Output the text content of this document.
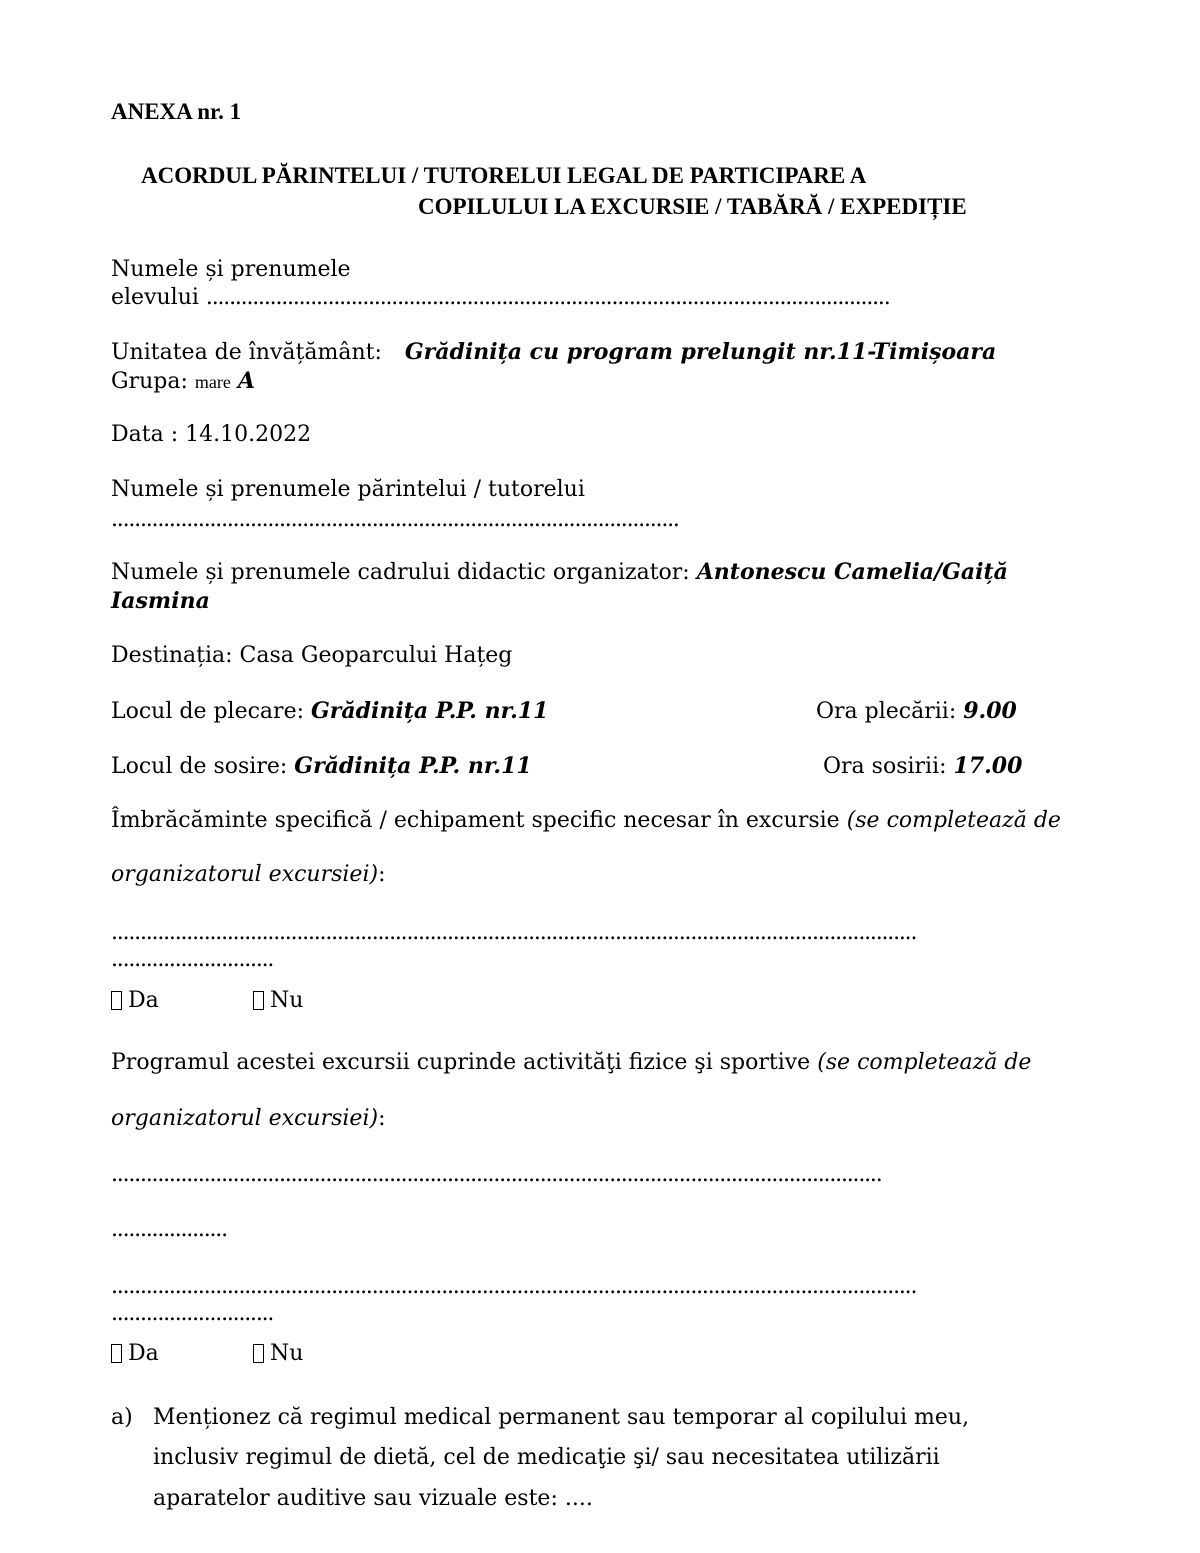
ANEXA nr. 1
ACORDUL PĂRINTELUI / TUTORELUI LEGAL DE PARTICIPARE A
COPILULUI LA EXCURSIE / TABĂRĂ / EXPEDIȚIE
Numele și prenumele
elevului ......................................................................................................................
Unitatea de învățământ: Grădinița cu program prelungit nr.11-Timișoara
Grupa: mare A
Data : 14.10.2022
Numele și prenumele părintelui / tutorelui
..................................................................................................
Numele și prenumele cadrului didactic organizator: Antonescu Camelia/Gaiță
Iasmina
Destinația: Casa Geoparcului Hațeg
Locul de plecare: Grădinița P.P. nr.11	Ora plecării: 9.00
Locul de sosire: Grădinița P.P. nr.11	Ora sosirii: 17.00
Îmbrăcăminte specifică / echipament specific necesar în excursie (se completează de
organizatorul excursiei):
...........................................................................................................................................
............................
Da	Nu
Programul acestei excursii cuprinde activităţi fizice şi sportive (se completează de
organizatorul excursiei):
.....................................................................................................................................
....................
...........................................................................................................................................
............................
Da	Nu
a) Menționez că regimul medical permanent sau temporar al copilului meu,
inclusiv regimul de dietă, cel de medicaţie şi/ sau necesitatea utilizării
aparatelor auditive sau vizuale este: ....
